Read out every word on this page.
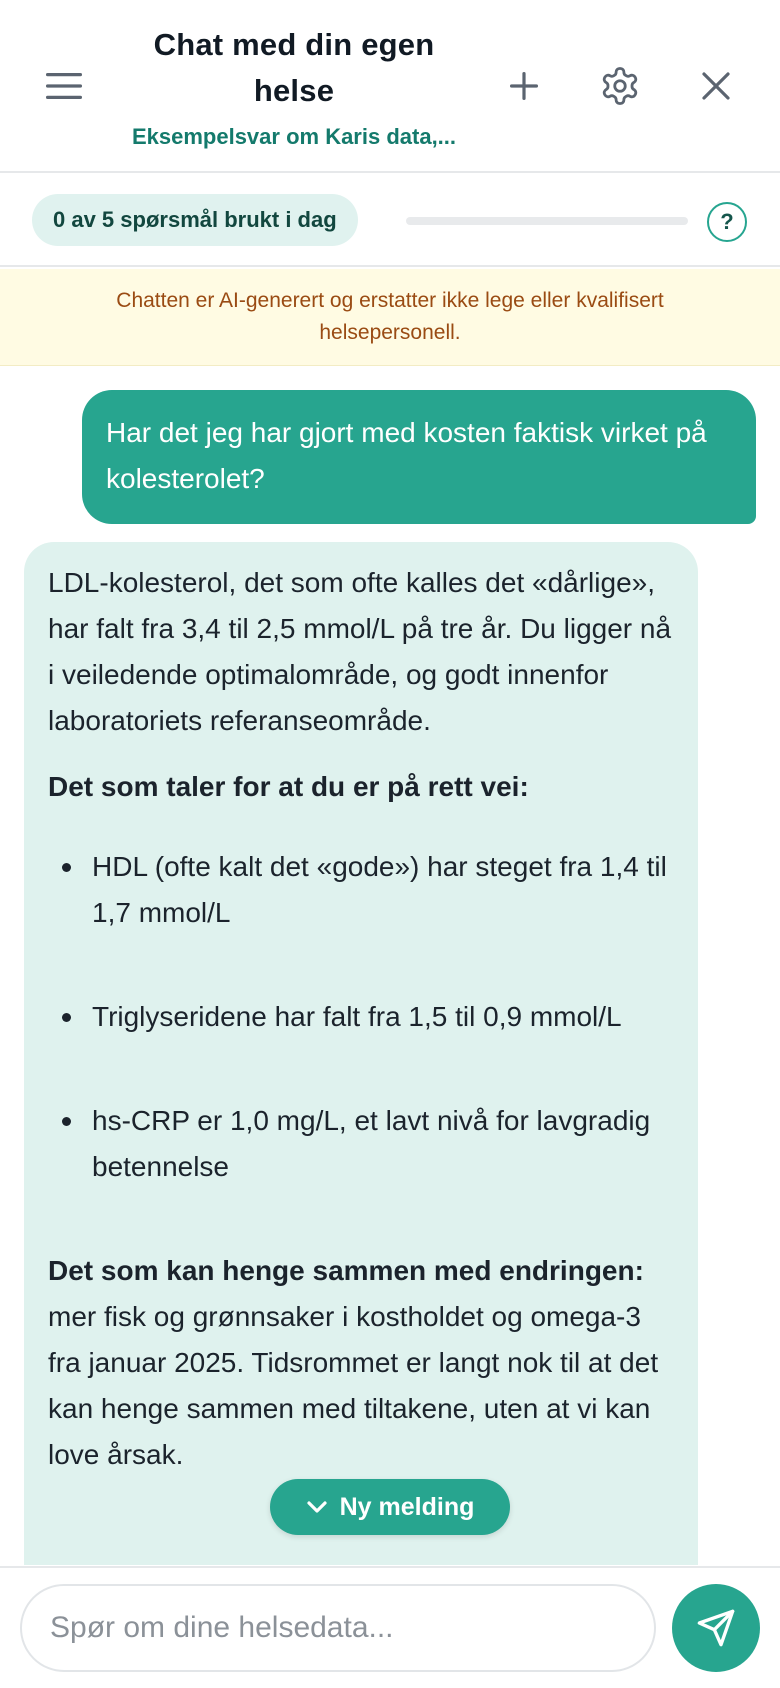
Chat med din egen helse
Eksempelsvar om Karis data,...
0 av 5 spørsmål brukt i dag	?
Chatten er AI-generert og erstatter ikke lege eller kvalifisert helsepersonell.
Har det jeg har gjort med kosten faktisk virket på kolesterolet?

LDL-kolesterol, det som ofte kalles det «dårlige», har falt fra 3,4 til 2,5 mmol/L på tre år. Du ligger nå i veiledende optimalområde, og godt innenfor laboratoriets referanseområde.

Det som taler for at du er på rett vei:

HDL (ofte kalt det «gode») har steget fra 1,4 til 1,7 mmol/L
Triglyseridene har falt fra 1,5 til 0,9 mmol/L
hs-CRP er 1,0 mg/L, et lavt nivå for lavgradig betennelse

Det som kan henge sammen med endringen:
mer fisk og grønnsaker i kostholdet og omega-3 fra januar 2025. Tidsrommet er langt nok til at det kan henge sammen med tiltakene, uten at vi kan love årsak.

Ny melding
Spør om dine helsedata...
